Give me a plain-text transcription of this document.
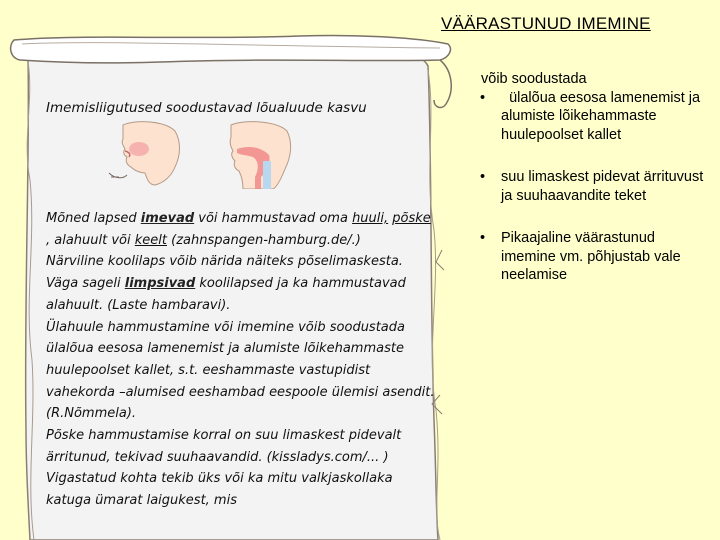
VÄÄRASTUNUD IMEMINE
Imemisliigutused soodustavad lõualuude kasvu

Mõned lapsed imevad või hammustavad oma huuli, põske , alahuult või keelt (zahnspangen-hamburg.de/.)

Närviline koolilaps võib närida näiteks põselimaskesta. Väga sageli limpsivad koolilapsed ja ka hammustavad alahuult. (Laste hambaravi).

Ülahuule hammustamine või imemine võib soodustada ülalõua eesosa lamenemist ja alumiste lõikehammaste huulepoolset kallet, s.t. eeshammaste vastupidist vahekorda –alumised eeshambad eespoole ülemisi asendit. (R.Nõmmela).

Põske hammustamise korral on suu limaskest pidevalt ärritunud, tekivad suuhaavandid. (kissladys.com/... ) Vigastatud kohta tekib üks või ka mitu valkjaskollaka katuga ümarat laigukest, mis

võib soodustada
• ülalõua eesosa lamenemist ja alumiste lõikehammaste huulepoolset kallet
• suu limaskest pidevat ärrituvust ja suuhaavandite teket
• Pikaajaline väärastunud imemine vm. põhjustab vale neelamise
